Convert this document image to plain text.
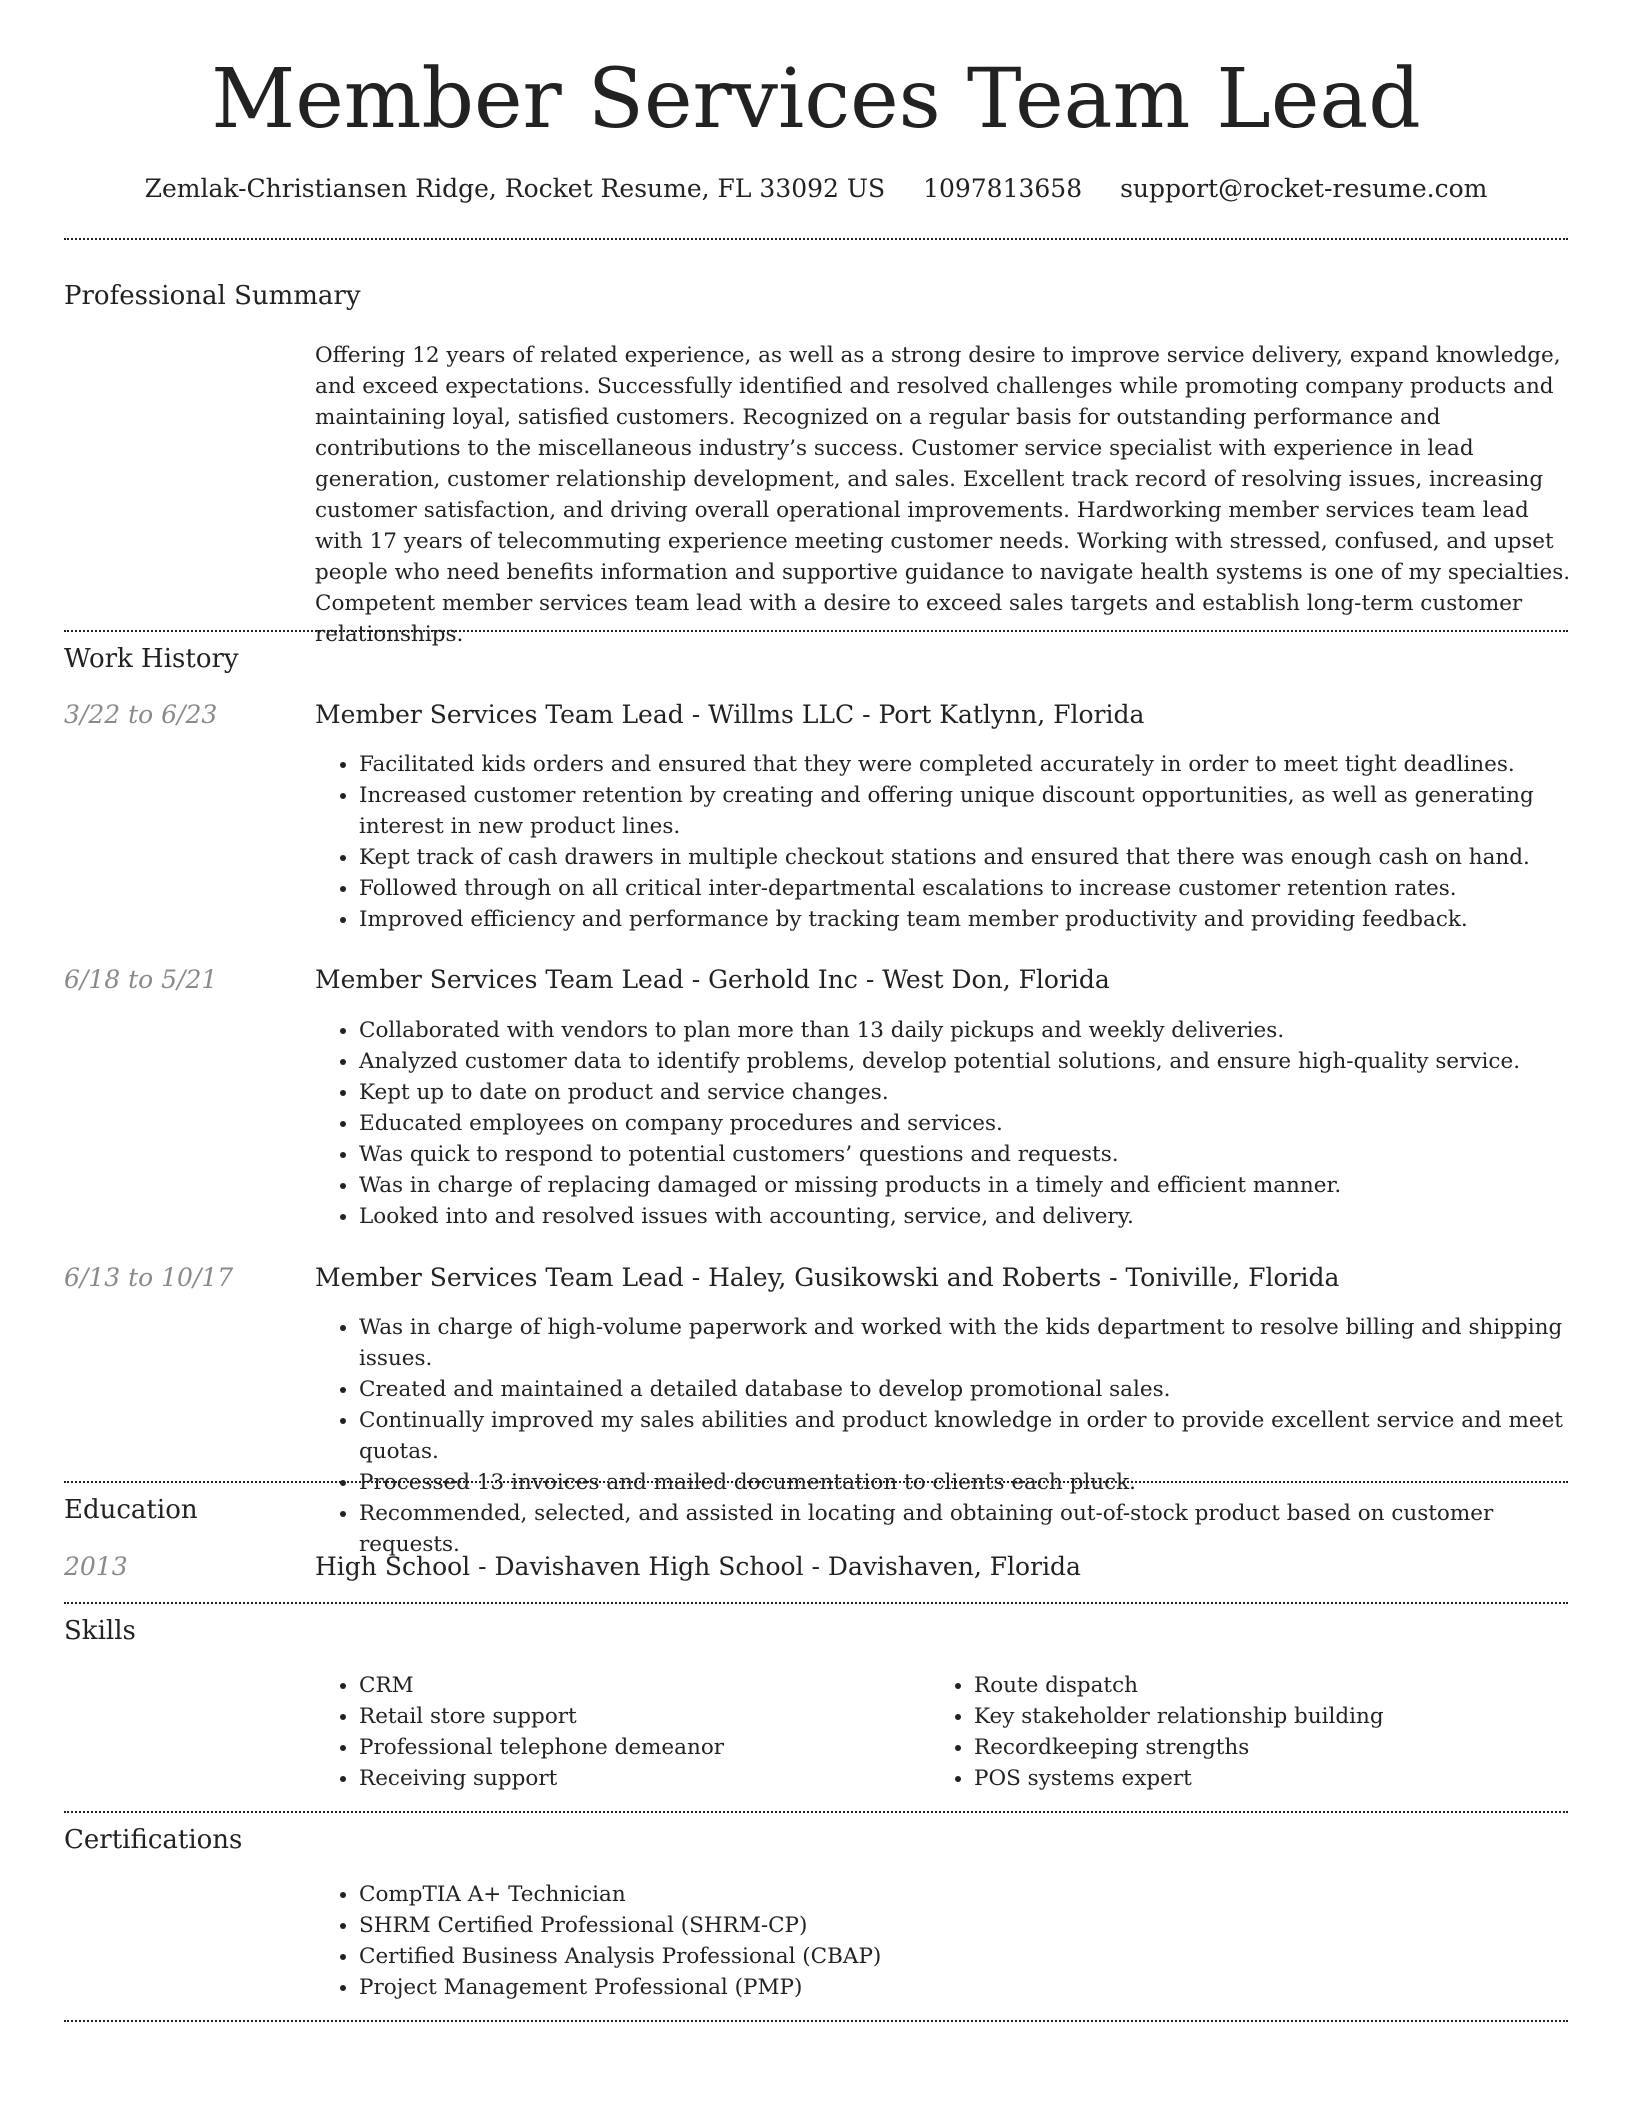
Member Services Team Lead
Zemlak-Christiansen Ridge, Rocket Resume, FL 33092 US 1097813658 support@rocket-resume.com
Professional Summary

Offering 12 years of related experience, as well as a strong desire to improve service delivery, expand knowledge, and exceed expectations. Successfully identified and resolved challenges while promoting company products and maintaining loyal, satisfied customers. Recognized on a regular basis for outstanding performance and contributions to the miscellaneous industry’s success. Customer service specialist with experience in lead generation, customer relationship development, and sales. Excellent track record of resolving issues, increasing customer satisfaction, and driving overall operational improvements. Hardworking member services team lead with 17 years of telecommuting experience meeting customer needs. Working with stressed, confused, and upset people who need benefits information and supportive guidance to navigate health systems is one of my specialties. Competent member services team lead with a desire to exceed sales targets and establish long-term customer relationships.

Work History
3/22 to 6/23	Member Services Team Lead - Willms LLC - Port Katlynn, Florida
• Facilitated kids orders and ensured that they were completed accurately in order to meet tight deadlines.
• Increased customer retention by creating and offering unique discount opportunities, as well as generating interest in new product lines.
• Kept track of cash drawers in multiple checkout stations and ensured that there was enough cash on hand.
• Followed through on all critical inter-departmental escalations to increase customer retention rates.
• Improved efficiency and performance by tracking team member productivity and providing feedback.
6/18 to 5/21	Member Services Team Lead - Gerhold Inc - West Don, Florida
• Collaborated with vendors to plan more than 13 daily pickups and weekly deliveries.
• Analyzed customer data to identify problems, develop potential solutions, and ensure high-quality service.
• Kept up to date on product and service changes.
• Educated employees on company procedures and services.
• Was quick to respond to potential customers’ questions and requests.
• Was in charge of replacing damaged or missing products in a timely and efficient manner.
• Looked into and resolved issues with accounting, service, and delivery.
6/13 to 10/17	Member Services Team Lead - Haley, Gusikowski and Roberts - Toniville, Florida
• Was in charge of high-volume paperwork and worked with the kids department to resolve billing and shipping issues.
• Created and maintained a detailed database to develop promotional sales.
• Continually improved my sales abilities and product knowledge in order to provide excellent service and meet quotas.
• Processed 13 invoices and mailed documentation to clients each pluck.
• Recommended, selected, and assisted in locating and obtaining out-of-stock product based on customer requests.
Education
2013	High School - Davishaven High School - Davishaven, Florida
Skills
• CRM
• Retail store support
• Professional telephone demeanor
• Receiving support
• Route dispatch
• Key stakeholder relationship building
• Recordkeeping strengths
• POS systems expert
Certifications
• CompTIA A+ Technician
• SHRM Certified Professional (SHRM-CP)
• Certified Business Analysis Professional (CBAP)
• Project Management Professional (PMP)
